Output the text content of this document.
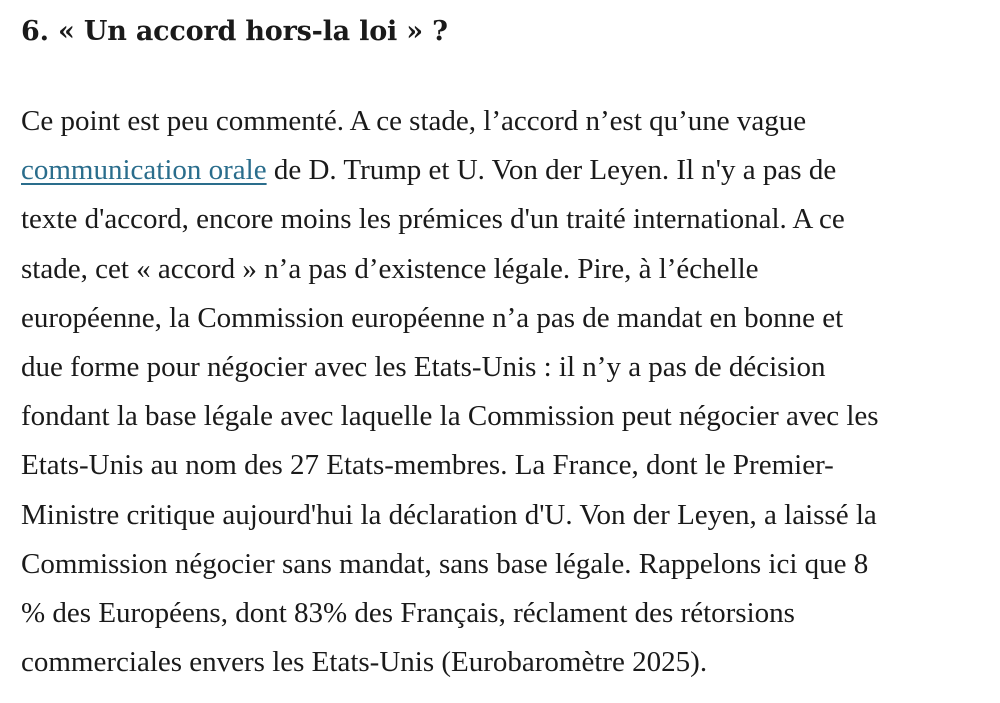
6. « Un accord hors-la loi » ?

Ce point est peu commenté. A ce stade, l’accord n’est qu’une vague
communication orale de D. Trump et U. Von der Leyen. Il n'y a pas de
texte d'accord, encore moins les prémices d'un traité international. A ce
stade, cet « accord » n’a pas d’existence légale. Pire, à l’échelle
européenne, la Commission européenne n’a pas de mandat en bonne et
due forme pour négocier avec les Etats-Unis : il n’y a pas de décision
fondant la base légale avec laquelle la Commission peut négocier avec les
Etats-Unis au nom des 27 Etats-membres. La France, dont le Premier-
Ministre critique aujourd'hui la déclaration d'U. Von der Leyen, a laissé la
Commission négocier sans mandat, sans base légale. Rappelons ici que 8
% des Européens, dont 83% des Français, réclament des rétorsions
commerciales envers les Etats-Unis (Eurobaromètre 2025).
